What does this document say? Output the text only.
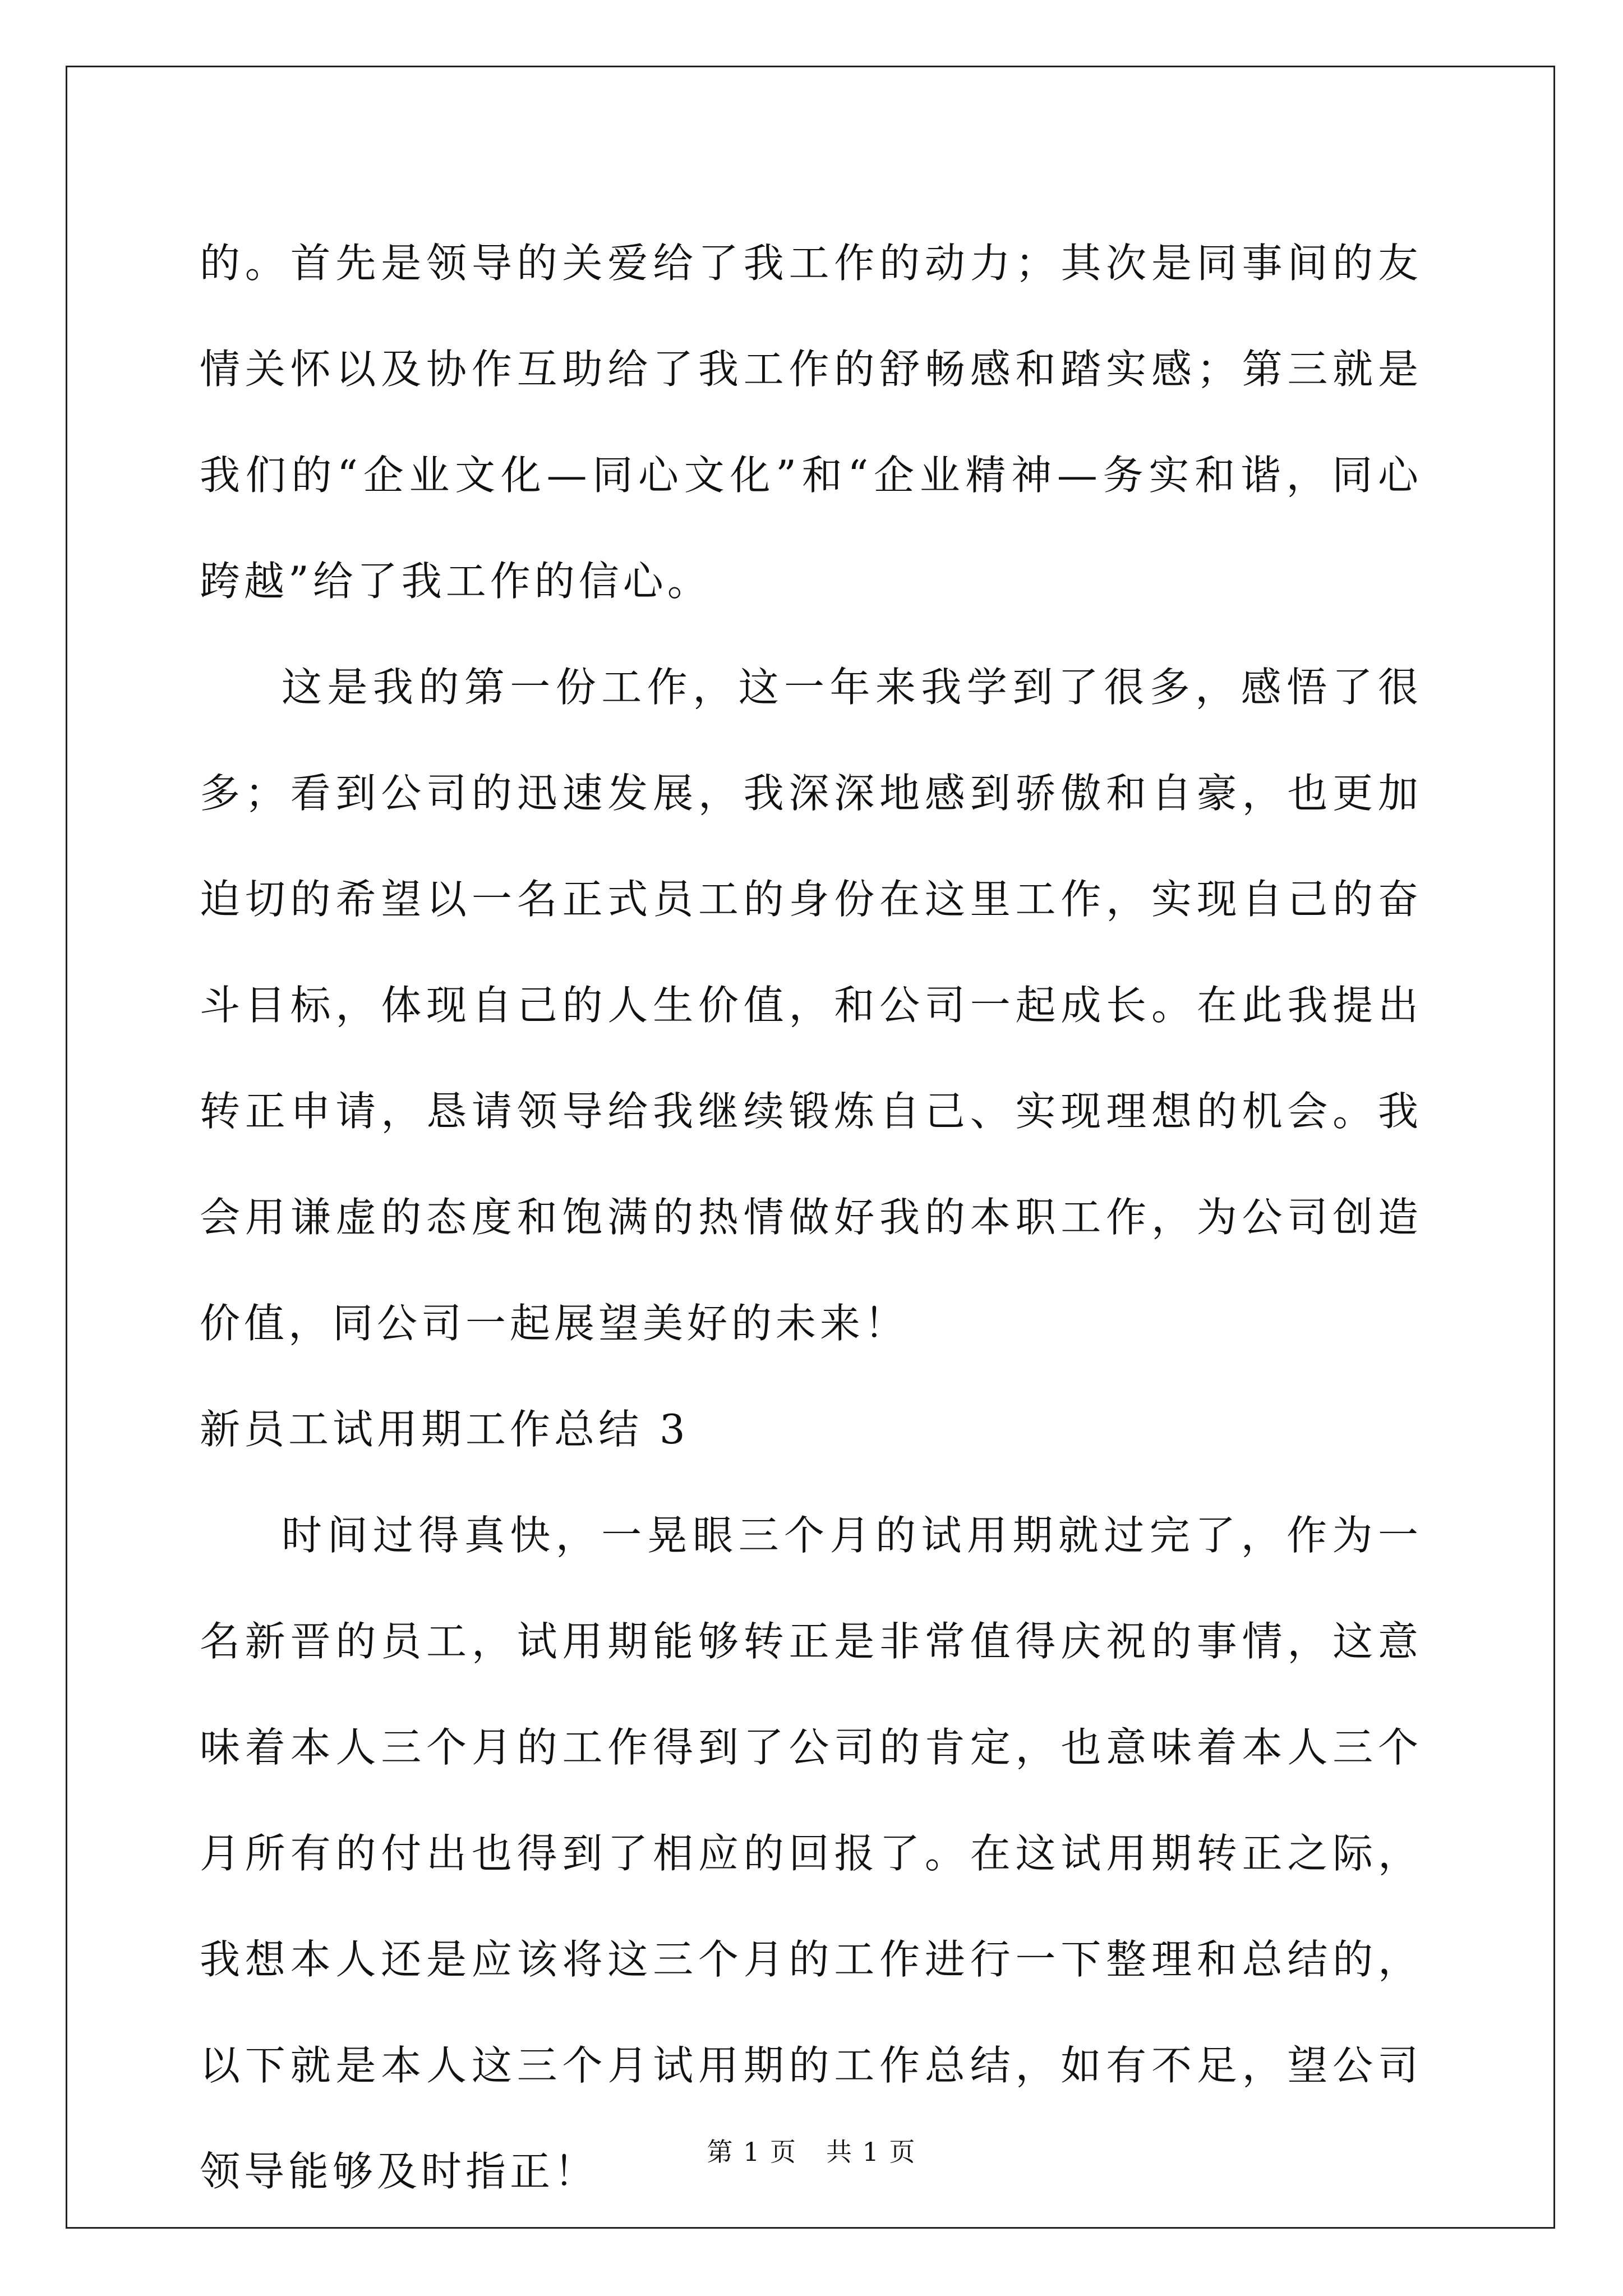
的。首先是领导的关爱给了我工作的动力；其次是同事间的友情关怀以及协作互助给了我工作的舒畅感和踏实感；第三就是我们的“企业文化—同心文化”和“企业精神—务实和谐，同心跨越”给了我工作的信心。

这是我的第一份工作，这一年来我学到了很多，感悟了很多；看到公司的迅速发展，我深深地感到骄傲和自豪，也更加迫切的希望以一名正式员工的身份在这里工作，实现自己的奋斗目标，体现自己的人生价值，和公司一起成长。在此我提出转正申请，恳请领导给我继续锻炼自己、实现理想的机会。我会用谦虚的态度和饱满的热情做好我的本职工作，为公司创造价值，同公司一起展望美好的未来！

新员工试用期工作总结 3

时间过得真快，一晃眼三个月的试用期就过完了，作为一名新晋的员工，试用期能够转正是非常值得庆祝的事情，这意味着本人三个月的工作得到了公司的肯定，也意味着本人三个月所有的付出也得到了相应的回报了。在这试用期转正之际，我想本人还是应该将这三个月的工作进行一下整理和总结的，以下就是本人这三个月试用期的工作总结，如有不足，望公司领导能够及时指正！	第 1 页 共 1 页
